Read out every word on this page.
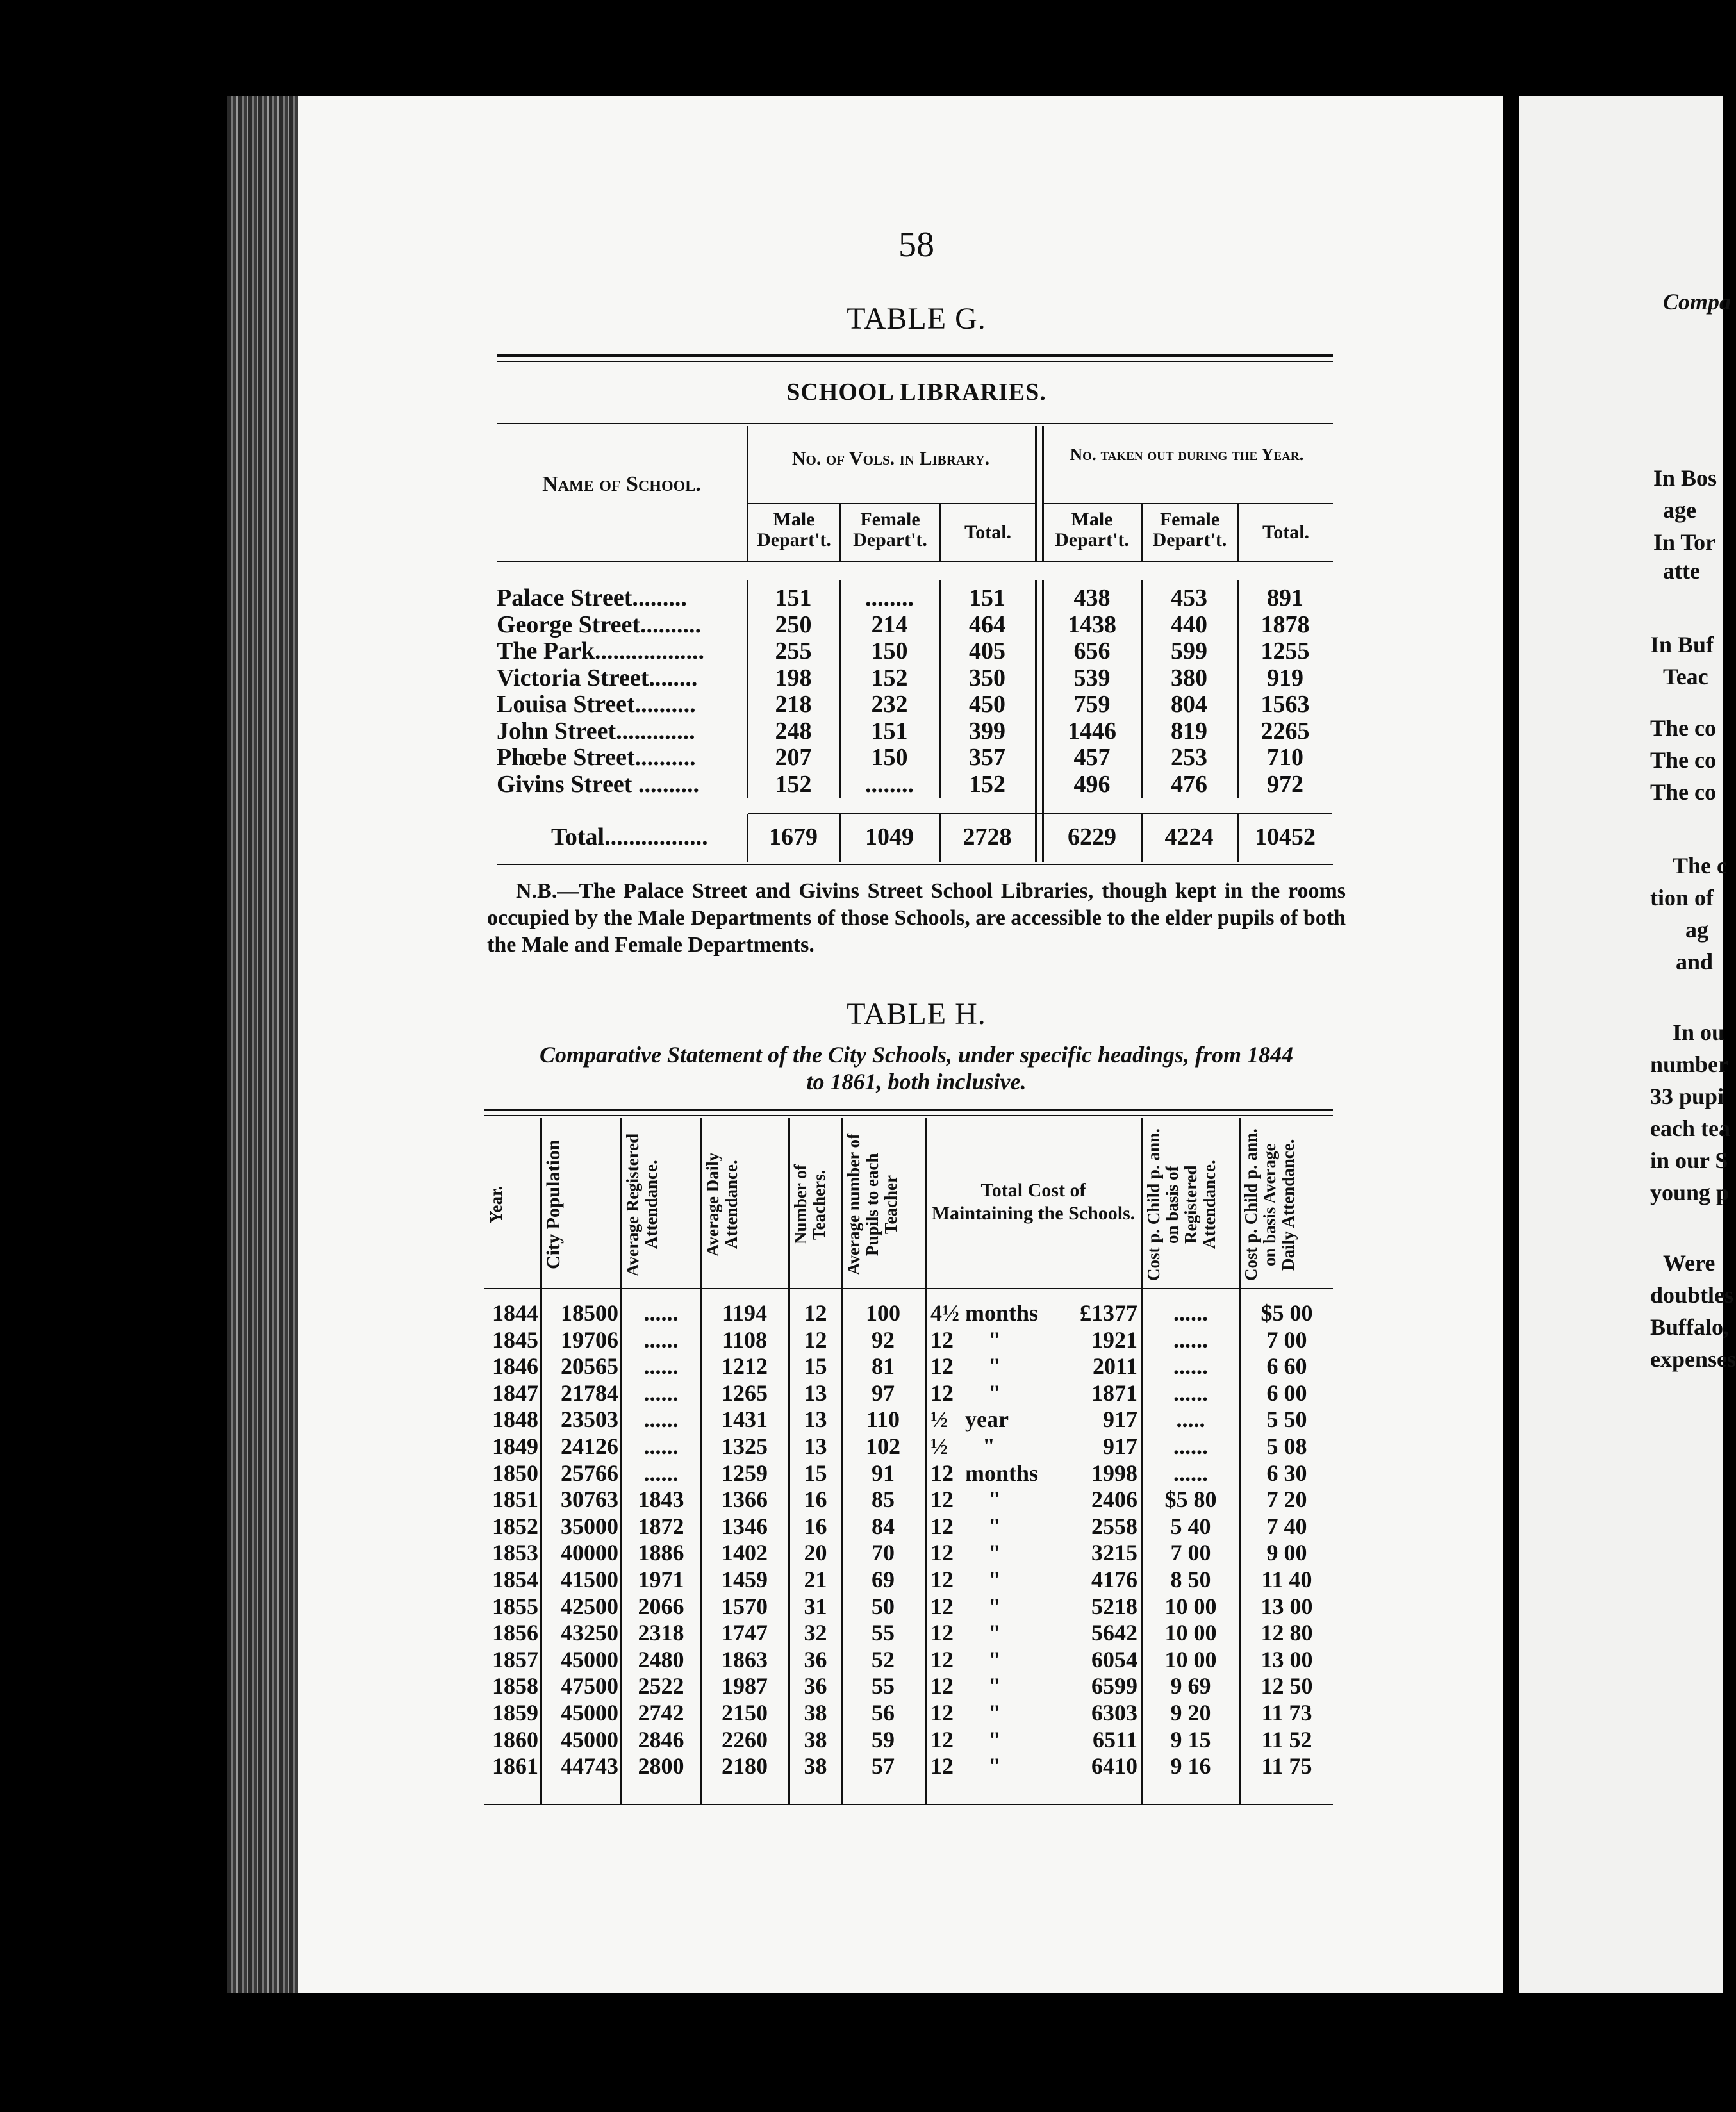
58
TABLE G.
SCHOOL LIBRARIES.
Name of School.
No. of Vols. in Library.	No. taken out during the Year.
Male Depart't.
Female Depart't.	Total.
Male Depart't.
Female Depart't.	Total.
Palace Street.........	151	........	151	438	453	891
George Street..........	250	214	464	1438	440	1878
The Park..................	255	150	405	656	599	1255
Victoria Street........	198	152	350	539	380	919
Louisa Street..........	218	232	450	759	804	1563
John Street.............	248	151	399	1446	819	2265
Phœbe Street..........	207	150	357	457	253	710
Givins Street ..........	152	........	152	496	476	972
Total.................	1679	1049	2728	6229	4224	10452
N.B.—The Palace Street and Givins Street School Libraries, though kept in the rooms occupied by the Male Departments of those Schools, are accessible to the elder pupils of both the Male and Female Departments.
TABLE H.
Comparative Statement of the City Schools, under specific headings, from 1844
to 1861, both inclusive.
Year.	City Population	Average Registered Attendance.	Average Daily Attendance.	Number of Teachers. Average number of Pupils to each Teacher	Total Cost of Maintaining the Schools. Cost p. Child p. ann. on basis of Registered Attendance.	Cost p. Child p. ann. on basis Average Daily Attendance.
1844 18500	......	1194	12	100	4½ months	£1377	......	$5 00
1845 19706	......	1108	12	92	12      "	1921	......	7 00
1846 20565	......	1212	15	81	12      "	2011	......	6 60
1847 21784	......	1265	13	97	12      "	1871	......	6 00
1848 23503	......	1431	13	110	½   year	917	.....	5 50
1849 24126	......	1325	13	102	½      "	917	......	5 08
1850 25766	......	1259	15	91	12  months	1998	......	6 30
1851 30763 1843	1366	16	85	12      "	2406	$5 80	7 20
1852 35000 1872	1346	16	84	12      "	2558	5 40	7 40
1853 40000 1886	1402	20	70	12      "	3215	7 00	9 00
1854 41500 1971	1459	21	69	12      "	4176	8 50	11 40
1855 42500 2066	1570	31	50	12      "	5218	10 00	13 00
1856 43250 2318	1747	32	55	12      "	5642	10 00	12 80
1857 45000 2480	1863	36	52	12      "	6054	10 00	13 00
1858 47500 2522	1987	36	55	12      "	6599	9 69	12 50
1859 45000 2742	2150	38	56	12      "	6303	9 20	11 73
1860 45000 2846	2260	38	59	12      "	6511	9 15	11 52
1861 44743 2800	2180	38	57	12      "	6410	9 16	11 75
Compa
In Bos
age
In Tor
atte
In Buf
Teac
The co
The co
The co
The c
tion of
ag
and
In ou
number
33 pupi
each tea
in our S
young p
Were
doubtles
Buffalo,
expenses
